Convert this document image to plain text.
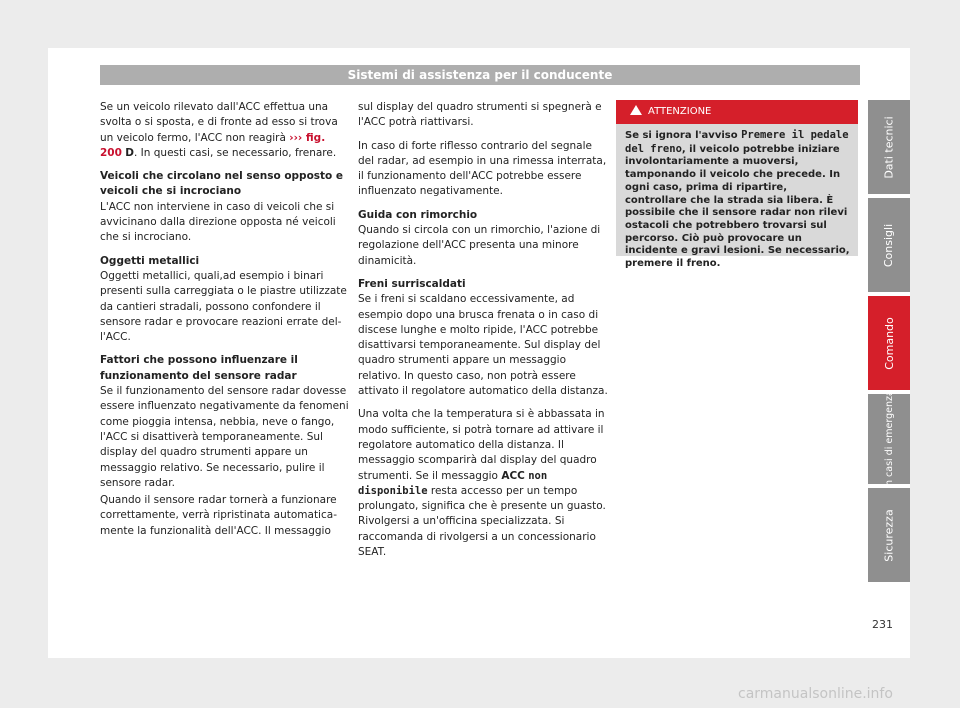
Sistemi di assistenza per il conducente

Se un veicolo rilevato dall'ACC effettua una svolta o si sposta, e di fronte ad esso si trova un veicolo fermo, l'ACC non reagirà ››› fig. 200 D. In questi casi, se necessario, frenare.

Veicoli che circolano nel senso opposto e veicoli che si incrociano

L'ACC non interviene in caso di veicoli che si avvicinano dalla direzione opposta né veicoli che si incrociano.

Oggetti metallici

Oggetti metallici, quali,ad esempio i binari presenti sulla carreggiata o le piastre utilizzate da cantieri stradali, possono confondere il sensore radar e provocare reazioni errate dell'ACC.

Fattori che possono influenzare il funzionamento del sensore radar

Se il funzionamento del sensore radar dovesse essere influenzato negativamente da fenomeni come pioggia intensa, nebbia, neve o fango, l'ACC si disattiverà temporaneamente. Sul display del quadro strumenti appare un messaggio relativo. Se necessario, pulire il sensore radar.

Quando il sensore radar tornerà a funzionare correttamente, verrà ripristinata automaticamente la funzionalità dell'ACC. Il messaggio

sul display del quadro strumenti si spegnerà e l'ACC potrà riattivarsi.

In caso di forte riflesso contrario del segnale del radar, ad esempio in una rimessa interrata, il funzionamento dell'ACC potrebbe essere influenzato negativamente.

Guida con rimorchio

Quando si circola con un rimorchio, l'azione di regolazione dell'ACC presenta una minore dinamicità.

Freni surriscaldati

Se i freni si scaldano eccessivamente, ad esempio dopo una brusca frenata o in caso di discese lunghe e molto ripide, l'ACC potrebbe disattivarsi temporaneamente. Sul display del quadro strumenti appare un messaggio relativo. In questo caso, non potrà essere attivato il regolatore automatico della distanza.

Una volta che la temperatura si è abbassata in modo sufficiente, si potrà tornare ad attivare il regolatore automatico della distanza. Il messaggio scomparirà dal display del quadro strumenti. Se il messaggio ACC non disponibile resta accesso per un tempo prolungato, significa che è presente un guasto. Rivolgersi a un'officina specializzata. Si raccomanda di rivolgersi a un concessionario SEAT.

ATTENZIONE
Se si ignora l'avviso Premere il pedale del freno, il veicolo potrebbe iniziare involontariamente a muoversi, tamponando il veicolo che precede. In ogni caso, prima di ripartire, controllare che la strada sia libera. È possibile che il sensore radar non rilevi ostacoli che potrebbero trovarsi sul percorso. Ciò può provocare un incidente e gravi lesioni. Se necessario, premere il freno.
Dati tecnici
Consigli
Comando
In casi di emergenza
Sicurezza
231
carmanualsonline.info
